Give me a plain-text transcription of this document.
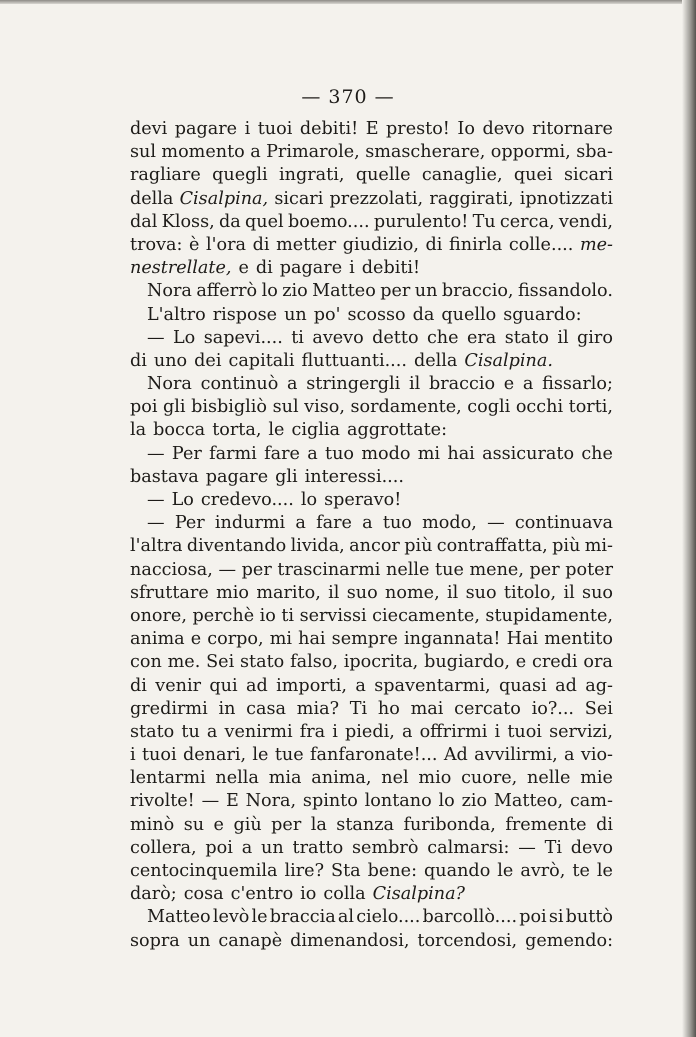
— 370 —

devi pagare i tuoi debiti! E presto! Io devo ritornare
sul momento a Primarole, smascherare, oppormi, sba-
ragliare quegli ingrati, quelle canaglie, quei sicari
della Cisalpina, sicari prezzolati, raggirati, ipnotizzati
dal Kloss, da quel boemo.... purulento! Tu cerca, vendi,
trova: è l'ora di metter giudizio, di finirla colle.... me-
nestrellate, e di pagare i debiti!
Nora afferrò lo zio Matteo per un braccio, fissandolo.
L'altro rispose un po' scosso da quello sguardo:
— Lo sapevi.... ti avevo detto che era stato il giro
di uno dei capitali fluttuanti.... della Cisalpina.
Nora continuò a stringergli il braccio e a fissarlo;
poi gli bisbigliò sul viso, sordamente, cogli occhi torti,
la bocca torta, le ciglia aggrottate:
— Per farmi fare a tuo modo mi hai assicurato che
bastava pagare gli interessi....
— Lo credevo.... lo speravo!
— Per indurmi a fare a tuo modo, — continuava
l'altra diventando livida, ancor più contraffatta, più mi-
nacciosa, — per trascinarmi nelle tue mene, per poter
sfruttare mio marito, il suo nome, il suo titolo, il suo
onore, perchè io ti servissi ciecamente, stupidamente,
anima e corpo, mi hai sempre ingannata! Hai mentito
con me. Sei stato falso, ipocrita, bugiardo, e credi ora
di venir qui ad importi, a spaventarmi, quasi ad ag-
gredirmi in casa mia? Ti ho mai cercato io?... Sei
stato tu a venirmi fra i piedi, a offrirmi i tuoi servizi,
i tuoi denari, le tue fanfaronate!... Ad avvilirmi, a vio-
lentarmi nella mia anima, nel mio cuore, nelle mie
rivolte! — E Nora, spinto lontano lo zio Matteo, cam-
minò su e giù per la stanza furibonda, fremente di
collera, poi a un tratto sembrò calmarsi: — Ti devo
centocinquemila lire? Sta bene: quando le avrò, te le
darò; cosa c'entro io colla Cisalpina?
Matteo levò le braccia al cielo.... barcollò.... poi si buttò
sopra un canapè dimenandosi, torcendosi, gemendo:
